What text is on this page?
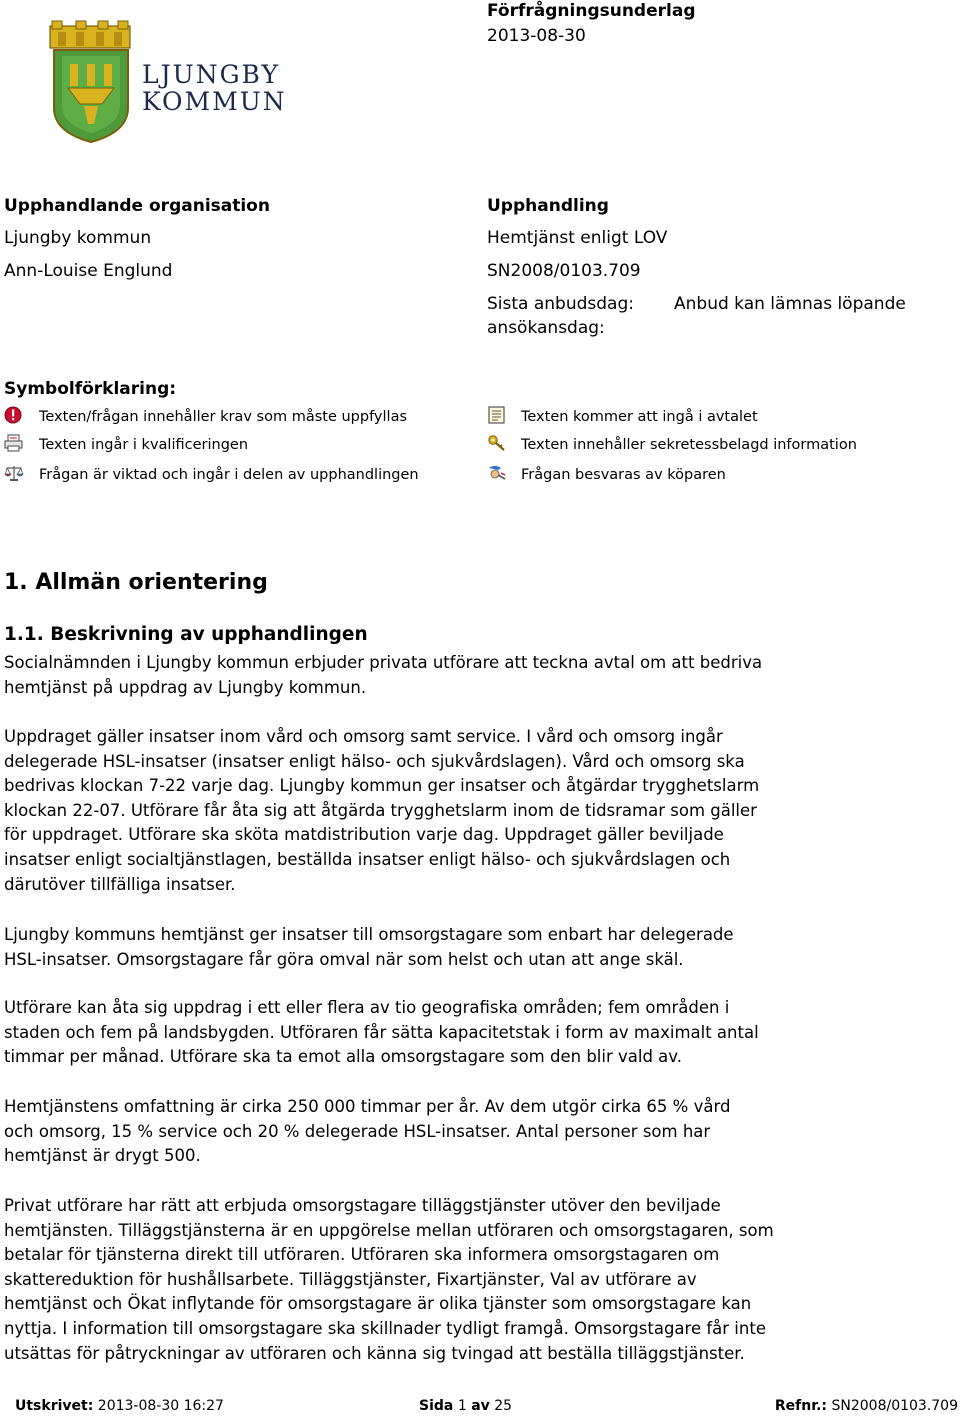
LJUNGBY
KOMMUN
Förfrågningsunderlag
2013-08-30
Upphandlande organisation
Ljungby kommun
Ann-Louise Englund
Upphandling
Hemtjänst enligt LOV
SN2008/0103.709
Sista anbudsdag:
ansökansdag:
Anbud kan lämnas löpande
Symbolförklaring:
Texten/frågan innehåller krav som måste uppfyllas	Texten kommer att ingå i avtalet
Texten ingår i kvalificeringen	Texten innehåller sekretessbelagd information
Frågan är viktad och ingår i delen av upphandlingen	Frågan besvaras av köparen
1. Allmän orientering
1.1. Beskrivning av upphandlingen
Socialnämnden i Ljungby kommun erbjuder privata utförare att teckna avtal om att bedriva
hemtjänst på uppdrag av Ljungby kommun.
Uppdraget gäller insatser inom vård och omsorg samt service. I vård och omsorg ingår
delegerade HSL-insatser (insatser enligt hälso- och sjukvårdslagen). Vård och omsorg ska
bedrivas klockan 7-22 varje dag. Ljungby kommun ger insatser och åtgärdar trygghetslarm
klockan 22-07. Utförare får åta sig att åtgärda trygghetslarm inom de tidsramar som gäller
för uppdraget. Utförare ska sköta matdistribution varje dag. Uppdraget gäller beviljade
insatser enligt socialtjänstlagen, beställda insatser enligt hälso- och sjukvårdslagen och
därutöver tillfälliga insatser.
Ljungby kommuns hemtjänst ger insatser till omsorgstagare som enbart har delegerade
HSL-insatser. Omsorgstagare får göra omval när som helst och utan att ange skäl.
Utförare kan åta sig uppdrag i ett eller flera av tio geografiska områden; fem områden i
staden och fem på landsbygden. Utföraren får sätta kapacitetstak i form av maximalt antal
timmar per månad. Utförare ska ta emot alla omsorgstagare som den blir vald av.
Hemtjänstens omfattning är cirka 250 000 timmar per år. Av dem utgör cirka 65 % vård
och omsorg, 15 % service och 20 % delegerade HSL-insatser. Antal personer som har
hemtjänst är drygt 500.
Privat utförare har rätt att erbjuda omsorgstagare tilläggstjänster utöver den beviljade
hemtjänsten. Tilläggstjänsterna är en uppgörelse mellan utföraren och omsorgstagaren, som
betalar för tjänsterna direkt till utföraren. Utföraren ska informera omsorgstagaren om
skattereduktion för hushållsarbete. Tilläggstjänster, Fixartjänster, Val av utförare av
hemtjänst och Ökat inflytande för omsorgstagare är olika tjänster som omsorgstagare kan
nyttja. I information till omsorgstagare ska skillnader tydligt framgå. Omsorgstagare får inte
utsättas för påtryckningar av utföraren och känna sig tvingad att beställa tilläggstjänster.
Utskrivet: 2013-08-30 16:27	Sida 1 av 25	Refnr.: SN2008/0103.709
